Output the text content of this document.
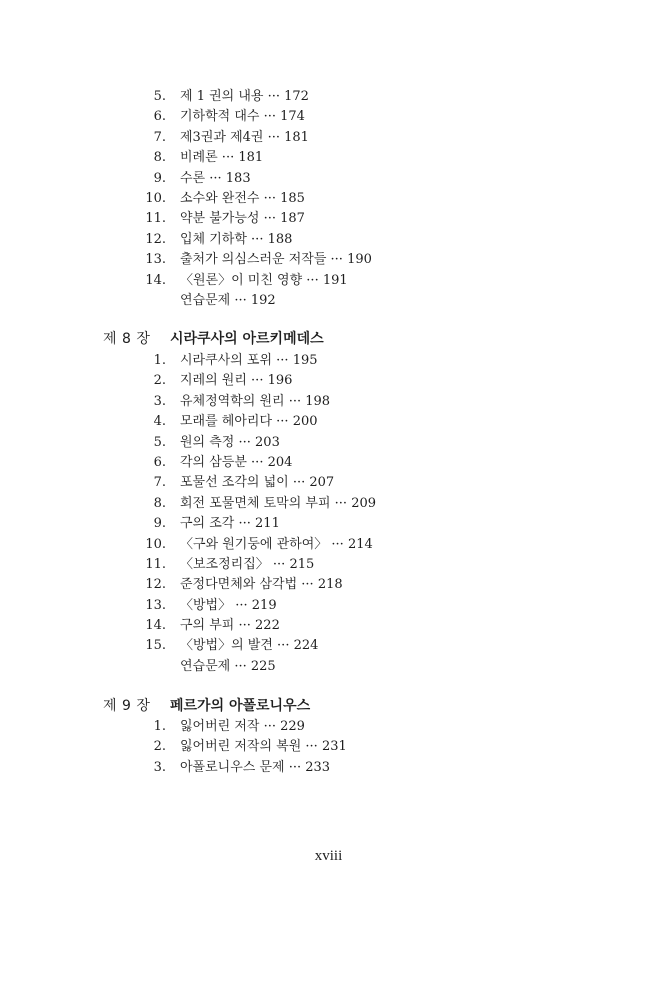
5. 제 1 권의 내용 ··· 172
6. 기하학적 대수 ··· 174
7. 제3권과 제4권 ··· 181
8. 비례론 ··· 181
9. 수론 ··· 183
10. 소수와 완전수 ··· 185
11. 약분 불가능성 ··· 187
12. 입체 기하학 ··· 188
13. 출처가 의심스러운 저작들 ··· 190
14. 〈원론〉이 미친 영향 ··· 191
연습문제 ··· 192
제 8 장 시라쿠사의 아르키메데스
1. 시라쿠사의 포위 ··· 195
2. 지레의 원리 ··· 196
3. 유체정역학의 원리 ··· 198
4. 모래를 헤아리다 ··· 200
5. 원의 측정 ··· 203
6. 각의 삼등분 ··· 204
7. 포물선 조각의 넓이 ··· 207
8. 회전 포물면체 토막의 부피 ··· 209
9. 구의 조각 ··· 211
10. 〈구와 원기둥에 관하여〉 ··· 214
11. 〈보조정리집〉 ··· 215
12. 준정다면체와 삼각법 ··· 218
13. 〈방법〉 ··· 219
14. 구의 부피 ··· 222
15. 〈방법〉의 발견 ··· 224
연습문제 ··· 225
제 9 장 페르가의 아폴로니우스
1. 잃어버린 저작 ··· 229
2. 잃어버린 저작의 복원 ··· 231
3. 아폴로니우스 문제 ··· 233
xviii
